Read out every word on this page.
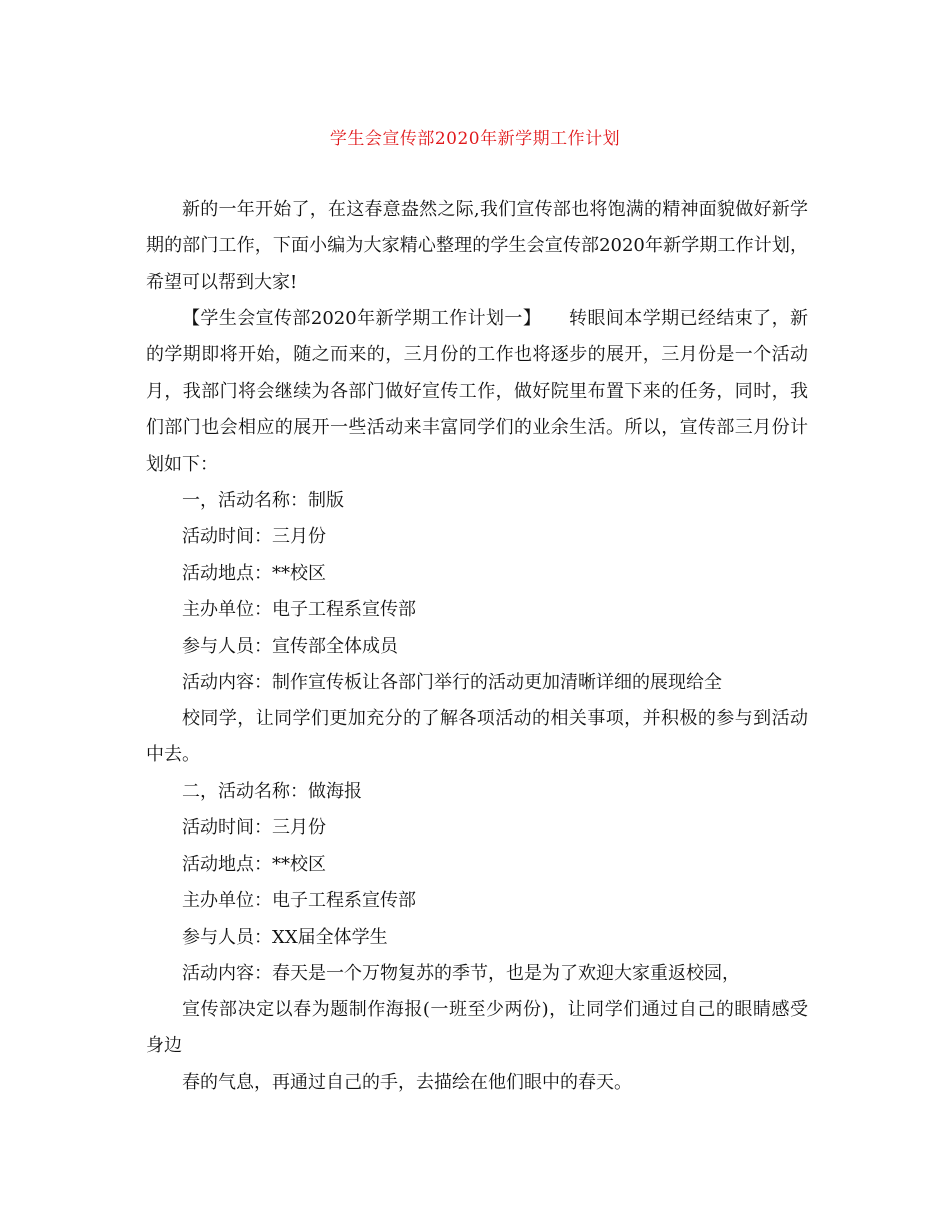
学生会宣传部2020年新学期工作计划

新的一年开始了，在这春意盎然之际,我们宣传部也将饱满的精神面貌做好新学期的部门工作，下面小编为大家精心整理的学生会宣传部2020年新学期工作计划，希望可以帮到大家!

【学生会宣传部2020年新学期工作计划一】　　转眼间本学期已经结束了，新的学期即将开始，随之而来的，三月份的工作也将逐步的展开，三月份是一个活动月，我部门将会继续为各部门做好宣传工作，做好院里布置下来的任务，同时，我们部门也会相应的展开一些活动来丰富同学们的业余生活。所以，宣传部三月份计划如下：

一，活动名称：制版

活动时间：三月份

活动地点：**校区

主办单位：电子工程系宣传部

参与人员：宣传部全体成员

活动内容：制作宣传板让各部门举行的活动更加清晰详细的展现给全

校同学，让同学们更加充分的了解各项活动的相关事项，并积极的参与到活动中去。

二，活动名称：做海报

活动时间：三月份

活动地点：**校区

主办单位：电子工程系宣传部

参与人员：XX届全体学生

活动内容：春天是一个万物复苏的季节，也是为了欢迎大家重返校园，

宣传部决定以春为题制作海报(一班至少两份)，让同学们通过自己的眼睛感受身边

春的气息，再通过自己的手，去描绘在他们眼中的春天。
